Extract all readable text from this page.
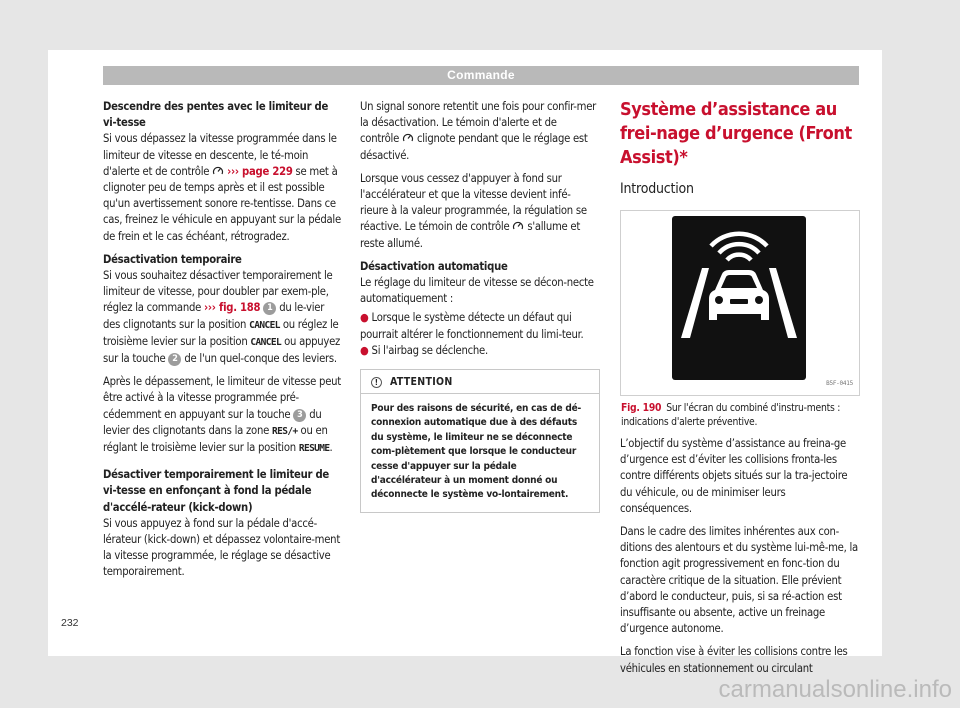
Commande

Descendre des pentes avec le limiteur de vi-tesse

Si vous dépassez la vitesse programmée dans le limiteur de vitesse en descente, le té-moin d'alerte et de contrôle ››› page 229 se met à clignoter peu de temps après et il est possible qu'un avertissement sonore re-tentisse. Dans ce cas, freinez le véhicule en appuyant sur la pédale de frein et le cas échéant, rétrogradez.

Désactivation temporaire

Si vous souhaitez désactiver temporairement le limiteur de vitesse, pour doubler par exem-ple, réglez la commande ››› fig. 188 1 du le-vier des clignotants sur la position CANCEL ou réglez le troisième levier sur la position CANCEL ou appuyez sur la touche 2 de l'un quel-conque des leviers.

Après le dépassement, le limiteur de vitesse peut être activé à la vitesse programmée pré-cédemment en appuyant sur la touche 3 du levier des clignotants dans la zone RES/+ ou en réglant le troisième levier sur la position RESUME.

Désactiver temporairement le limiteur de vi-tesse en enfonçant à fond la pédale d'accélé-rateur (kick-down)

Si vous appuyez à fond sur la pédale d'accé-lérateur (kick-down) et dépassez volontaire-ment la vitesse programmée, le réglage se désactive temporairement.

Un signal sonore retentit une fois pour confir-mer la désactivation. Le témoin d'alerte et de contrôle clignote pendant que le réglage est désactivé.

Lorsque vous cessez d'appuyer à fond sur l'accélérateur et que la vitesse devient infé-rieure à la valeur programmée, la régulation se réactive. Le témoin de contrôle s'allume et reste allumé.

Désactivation automatique

Le réglage du limiteur de vitesse se décon-necte automatiquement :

● Lorsque le système détecte un défaut qui pourrait altérer le fonctionnement du limi-teur.

● Si l'airbag se déclenche.

! ATTENTION
Pour des raisons de sécurité, en cas de dé-connexion automatique due à des défauts du système, le limiteur ne se déconnecte com-plètement que lorsque le conducteur cesse d'appuyer sur la pédale d'accélérateur à un moment donné ou déconnecte le système vo-lontairement.
Système d’assistance au frei-nage d’urgence (Front Assist)*
Introduction
B5F-0415

Fig. 190 Sur l'écran du combiné d'instru-ments : indications d'alerte préventive.

L’objectif du système d’assistance au freina-ge d’urgence est d’éviter les collisions fronta-les contre différents objets situés sur la tra-jectoire du véhicule, ou de minimiser leurs conséquences.

Dans le cadre des limites inhérentes aux con-ditions des alentours et du système lui-mê-me, la fonction agit progressivement en fonc-tion du caractère critique de la situation. Elle prévient d’abord le conducteur, puis, si sa ré-action est insuffisante ou absente, active un freinage d’urgence autonome.

La fonction vise à éviter les collisions contre les véhicules en stationnement ou circulant

232
carmanualsonline.info
